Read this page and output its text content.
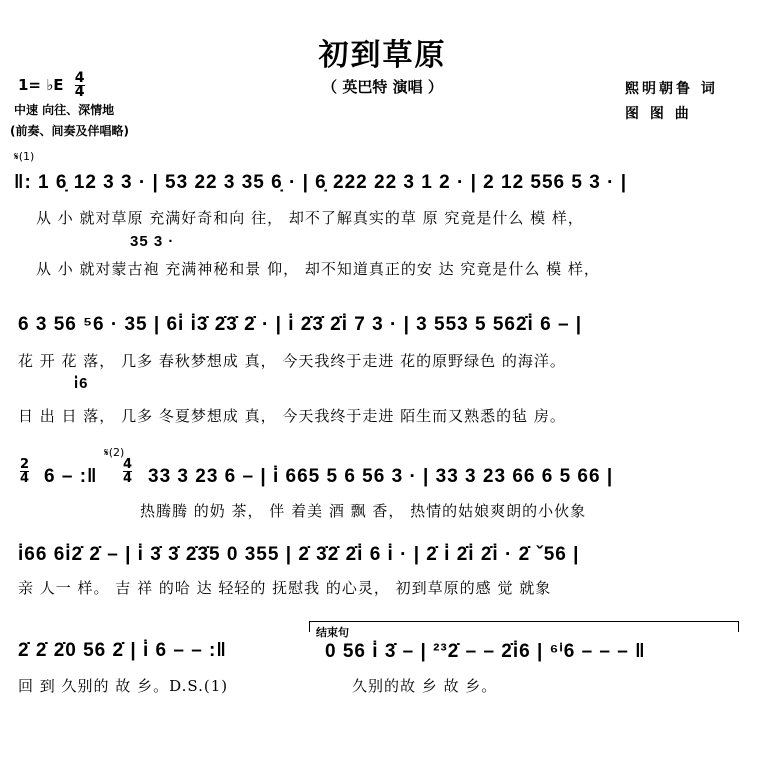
初到草原
（ 英巴特 演唱 ）
1= ♭E $\frac{4}{4}$
中速 向往、深情地
(前奏、间奏及伴唱略)
熙明朝鲁 词
图 图 曲
𝄋(1)
‖: 1 6̣ 12 3 3 · | 53 22 3 35 6̣ · | 6̣ 222 22 3 1 2 · | 2 12 556 5 3 · |
从 小 就对草原 充满好奇和向 往， 却不了解真实的草 原 究竟是什么 模 样，
35 3 ·
从 小 就对蒙古袍 充满神秘和景 仰， 却不知道真正的安 达 究竟是什么 模 样，
6 3 56 ⁵6 · 35 | 6i̇ i̇3̇ 2̇3̇ 2̇ · | i̇ 2̇3̇ 2̇i̇ 7 3 · | 3 553 5 562̇i̇ 6 – |
花 开 花 落， 几多 春秋梦想成 真， 今天我终于走进 花的原野绿色 的海洋。
i̇6
日 出 日 落， 几多 冬夏梦想成 真， 今天我终于走进 陌生而又熟悉的毡 房。
$\frac{2}{4} 6$ – :‖
𝄋(2)
$\frac{4}{4} 33$ 3 23 6 – | i̇ 665 5 6 56 3 · | 33 3 23 66 6 5 66 |
热腾腾 的奶 茶， 伴 着美 酒 飘 香， 热情的姑娘爽朗的小伙象
i̇66 6i̇2̇ 2̇ – | i̇ 3̇ 3̇ 2̇3̇5 0 355 | 2̇ 3̇2̇ 2̇i̇ 6 i̇ · | 2̇ i̇ 2̇i̇ 2̇i̇ · 2̇ ˇ56 |
亲 人一 样。 吉 祥 的哈 达 轻轻的 抚慰我 的心灵， 初到草原的感 觉 就象
结束句
2̇ 2̇ 2̇0 56 2̇ | i̇ 6 – – :‖	0 56 i̇ 3̇ – | ²³2̇ – – 2̇i̇6 | ⁶ⁱ6 – – – ‖
回 到 久别的 故 乡。D.S.(1)	久别的故 乡 故 乡。
